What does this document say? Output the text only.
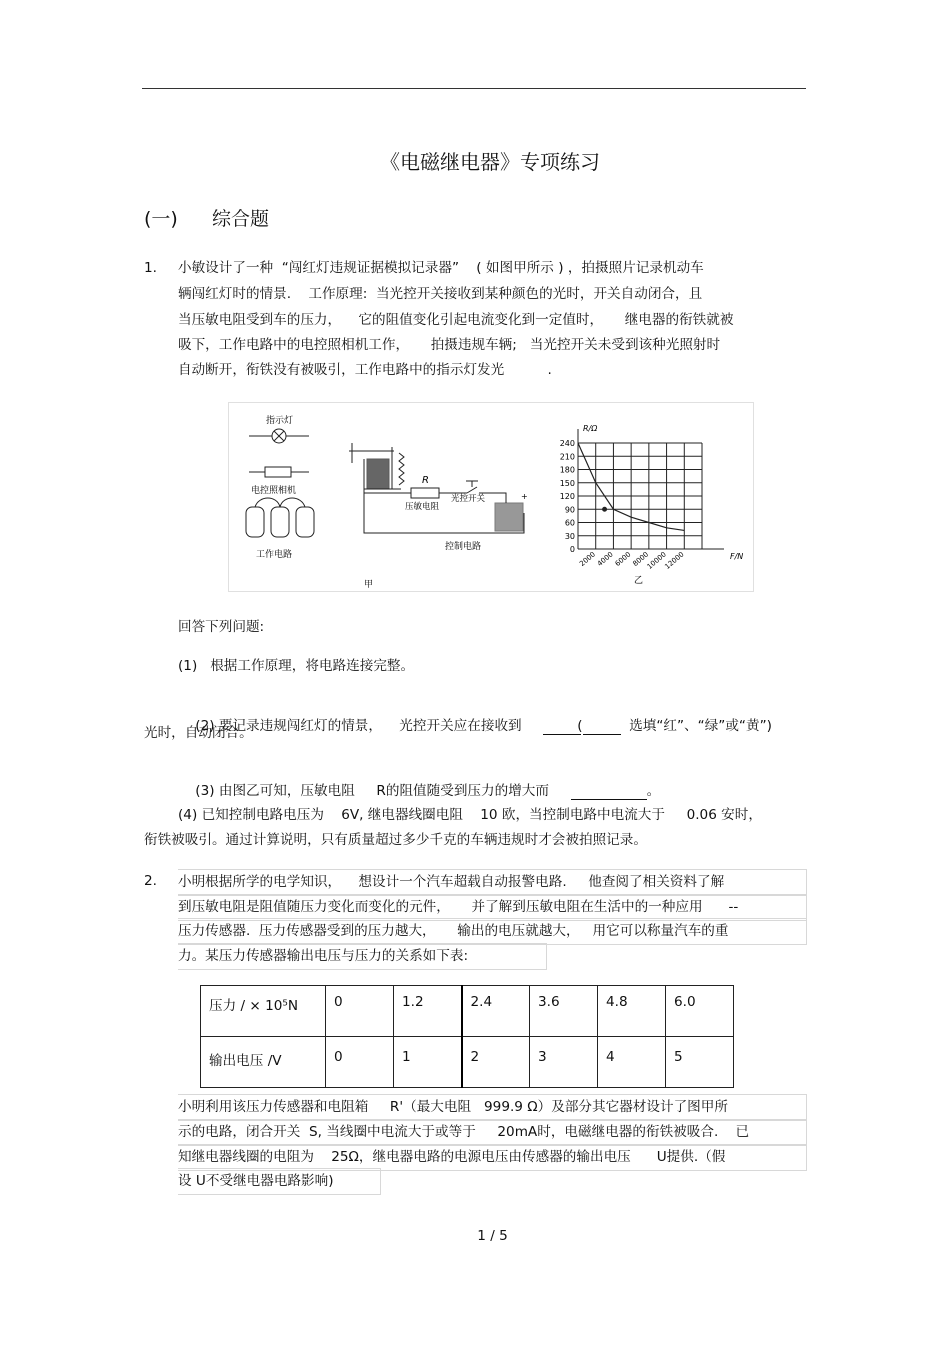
《电磁继电器》专项练习
(一) 综合题
1. 小敏设计了一种  “闯红灯违规证据模拟记录器”    ( 如图甲所示 ) ，拍摄照片记录机动车
辆闯红灯时的情景.    工作原理:  当光控开关接收到某种颜色的光时，开关自动闭合，且
当压敏电阻受到车的压力，    它的阻值变化引起电流变化到一定值时，     继电器的衔铁就被
吸下，工作电路中的电控照相机工作，     拍摄违规车辆;   当光控开关未受到该种光照射时
自动断开，衔铁没有被吸引，工作电路中的指示灯发光          .
指示灯
电控照相机
工作电路
R
压敏电阻
光控开关	+
控制电路
甲
0
30
60
90
120
150
180
210
240
F/N
R/Ω
2000
4000
6000
8000
10000
12000
乙
回答下列问题:
(1)   根据工作原理，将电路连接完整。

(2) 要记录违规闯红灯的情景，    光控开关应在接收到	(	选填“红”、“绿”或“黄”)

光时，自动闭合。

(3) 由图乙可知，压敏电阻     R的阻值随受到压力的增大而	。

(4) 已知控制电路电压为    6V, 继电器线圈电阻    10 欧，当控制电路中电流大于     0.06 安时，
衔铁被吸引。通过计算说明，只有质量超过多少千克的车辆违规时才会被拍照记录。
2. 小明根据所学的电学知识，    想设计一个汽车超载自动报警电路.     他查阅了相关资料了解
到压敏电阻是阻值随压力变化而变化的元件，     并了解到压敏电阻在生活中的一种应用      --
压力传感器.  压力传感器受到的压力越大，     输出的电压就越大，   用它可以称量汽车的重
力。某压力传感器输出电压与压力的关系如下表:
压力 / × 10⁵N	0	1.2	2.4	3.6	4.8	6.0
输出电压 /V	0	1	2	3	4	5
小明利用该压力传感器和电阻箱     R'（最大电阻   999.9 Ω）及部分其它器材设计了图甲所
示的电路，闭合开关  S, 当线圈中电流大于或等于     20mA时，电磁继电器的衔铁被吸合.    已
知继电器线圈的电阻为    25Ω，继电器电路的电源电压由传感器的输出电压      U提供.（假
设 U不受继电器电路影响)
1 / 5
